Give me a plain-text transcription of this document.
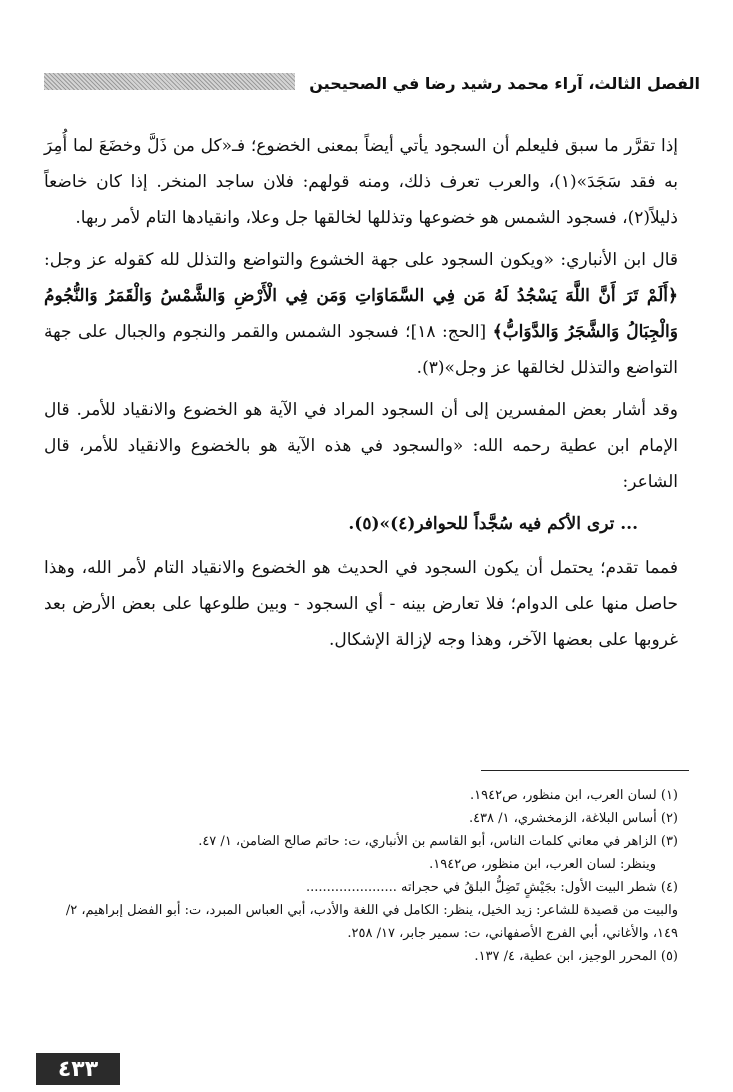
الفصل الثالث، آراء محمد رشيد رضا في الصحيحين

إذا تقرَّر ما سبق فليعلم أن السجود يأتي أيضاً بمعنى الخضوع؛ فـ«كل من ذَلَّ وخضَعَ لما أُمِرَ به فقد سَجَدَ»(١)، والعرب تعرف ذلك، ومنه قولهم: فلان ساجد المنخر. إذا كان خاضعاً ذليلاً(٢)، فسجود الشمس هو خضوعها وتذللها لخالقها جل وعلا، وانقيادها التام لأمر ربها.

قال ابن الأنباري: «ويكون السجود على جهة الخشوع والتواضع والتذلل لله كقوله عز وجل: ﴿أَلَمْ تَرَ أَنَّ اللَّهَ يَسْجُدُ لَهُ مَن فِي السَّمَاوَاتِ وَمَن فِي الْأَرْضِ وَالشَّمْسُ وَالْقَمَرُ وَالنُّجُومُ وَالْجِبَالُ وَالشَّجَرُ وَالدَّوَابُّ﴾ [الحج: ١٨]؛ فسجود الشمس والقمر والنجوم والجبال على جهة التواضع والتذلل لخالقها عز وجل»(٣).

وقد أشار بعض المفسرين إلى أن السجود المراد في الآية هو الخضوع والانقياد للأمر. قال الإمام ابن عطية رحمه الله: «والسجود في هذه الآية هو بالخضوع والانقياد للأمر، قال الشاعر:

... ترى الأكم فيه سُجَّداً للحوافر(٤)»(٥).

فمما تقدم؛ يحتمل أن يكون السجود في الحديث هو الخضوع والانقياد التام لأمر الله، وهذا حاصل منها على الدوام؛ فلا تعارض بينه - أي السجود - وبين طلوعها على بعض الأرض بعد غروبها على بعضها الآخر، وهذا وجه لإزالة الإشكال.

(١) لسان العرب، ابن منظور، ص١٩٤٢.

(٢) أساس البلاغة، الزمخشري، ١/ ٤٣٨.

(٣) الزاهر في معاني كلمات الناس، أبو القاسم بن الأنباري، ت: حاتم صالح الضامن، ١/ ٤٧.

وينظر: لسان العرب، ابن منظور، ص١٩٤٢.

(٤) شطر البيت الأول: بجَيْشٍ تَضِلُّ البلقُ في حجراته ......................

والبيت من قصيدة للشاعر: زيد الخيل، ينظر: الكامل في اللغة والأدب، أبي العباس المبرد، ت: أبو الفضل إبراهيم، ٢/ ١٤٩، والأغاني، أبي الفرج الأصفهاني، ت: سمير جابر، ١٧/ ٢٥٨.

(٥) المحرر الوجيز، ابن عطية، ٤/ ١٣٧.

٤٣٣
